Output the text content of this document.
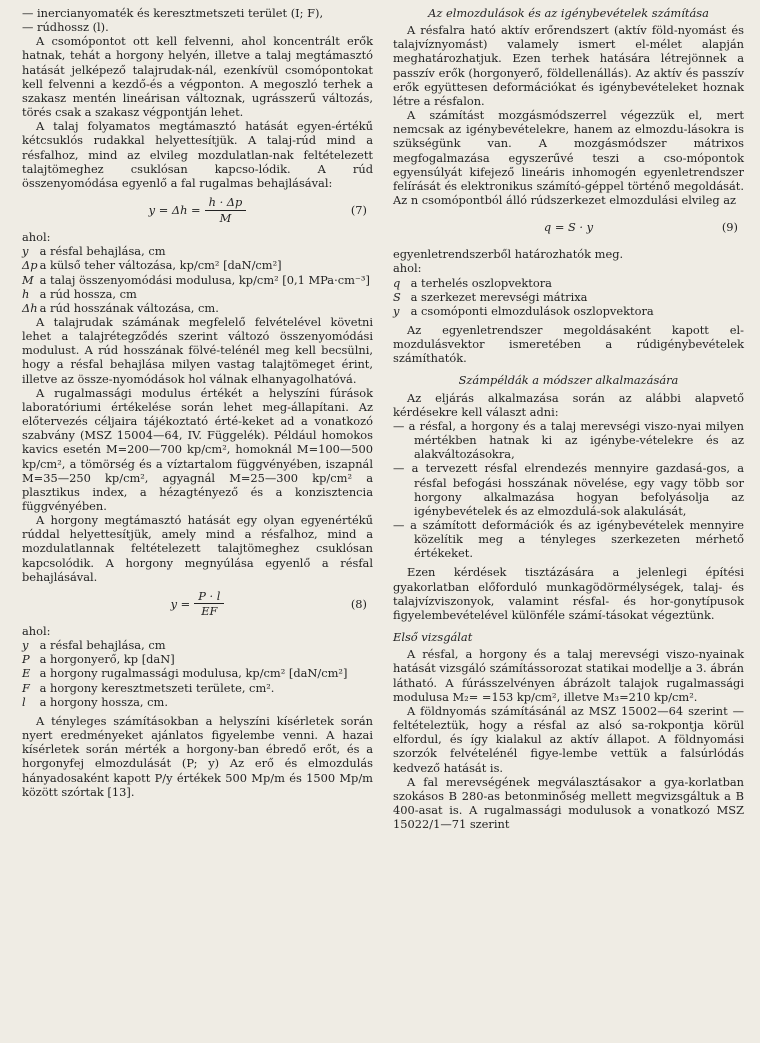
— inercianyomaték és keresztmetszeti terület (I; F),
— rúdhossz (l).

A csomópontot ott kell felvenni, ahol koncentrált erők hatnak, tehát a horgony helyén, illetve a talaj megtámasztó hatását jelképező talajrudak-nál, ezenkívül csomópontokat kell felvenni a kezdő-és a végponton. A megoszló terhek a szakasz mentén lineárisan változnak, ugrásszerű változás, törés csak a szakasz végpontján lehet.

A talaj folyamatos megtámasztó hatását egyen-értékű kétcsuklós rudakkal helyettesítjük. A talaj-rúd mind a résfalhoz, mind az elvileg mozdulatlan-nak feltételezett talajtömeghez csuklósan kapcso-lódik. A rúd összenyomódása egyenlő a fal rugalmas behajlásával:

$y = \Delta h = \frac{h \cdot \Delta p}{M}$	(7)

ahol:

y a résfal behajlása, cm
Δp a külső teher változása, kp/cm² [daN/cm²]
M a talaj összenyomódási modulusa, kp/cm² [0,1 MPa·cm⁻³]
h a rúd hossza, cm
Δh a rúd hosszának változása, cm.

A talajrudak számának megfelelő felvételével követni lehet a talajrétegződés szerint változó összenyomódási modulust. A rúd hosszának fölvé-telénél meg kell becsülni, hogy a résfal behajlása milyen vastag talajtömeget érint, illetve az össze-nyomódások hol válnak elhanyagolhatóvá.

A rugalmassági modulus értékét a helyszíni fúrások laboratóriumi értékelése során lehet meg-állapítani. Az előtervezés céljaira tájékoztató érté-keket ad a vonatkozó szabvány (MSZ 15004—64, IV. Függelék). Például homokos kavics esetén M=200—700 kp/cm², homoknál M=100—500 kp/cm², a tömörség és a víztartalom függvényében, iszapnál M=35—250 kp/cm², agyagnál M=25—300 kp/cm² a plasztikus index, a hézagtényező és a konzisztencia függvényében.

A horgony megtámasztó hatását egy olyan egyenértékű rúddal helyettesítjük, amely mind a résfalhoz, mind a mozdulatlannak feltételezett talajtömeghez csuklósan kapcsolódik. A horgony megnyúlása egyenlő a résfal behajlásával.

$y = \frac{P \cdot l}{EF}$	(8)

ahol:

y a résfal behajlása, cm
P a horgonyerő, kp [daN]
E a horgony rugalmassági modulusa, kp/cm² [daN/cm²]
F a horgony keresztmetszeti területe, cm².
l a horgony hossza, cm.

A tényleges számításokban a helyszíni kísérletek során nyert eredményeket ajánlatos figyelembe venni. A hazai kísérletek során mérték a horgony-ban ébredő erőt, és a horgonyfej elmozdulását (P; y) Az erő és elmozdulás hányadosaként kapott P/y értékek 500 Mp/m és 1500 Mp/m között szórtak [13].

Az elmozdulások és az igénybevételek számítása

A résfalra ható aktív erőrendszert (aktív föld-nyomást és talajvíznyomást) valamely ismert el-mélet alapján meghatározhatjuk. Ezen terhek hatására létrejönnek a passzív erők (horgonyerő, földellenállás). Az aktív és passzív erők együttesen deformációkat és igénybevételeket hoznak létre a résfalon.

A számítást mozgásmódszerrel végezzük el, mert nemcsak az igénybevételekre, hanem az elmozdu-lásokra is szükségünk van. A mozgásmódszer mátrixos megfogalmazása egyszerűvé teszi a cso-mópontok egyensúlyát kifejező lineáris inhomogén egyenletrendszer felírását és elektronikus számító-géppel történő megoldását. Az n csomópontból álló rúdszerkezet elmozdulási elvileg az

q = S · y	(9)

egyenletrendszerből határozhatók meg.

ahol:

q a terhelés oszlopvektora
S a szerkezet merevségi mátrixa
y a csomóponti elmozdulások oszlopvektora

Az egyenletrendszer megoldásaként kapott el-mozdulásvektor ismeretében a rúdigénybevételek számíthatók.

Számpéldák a módszer alkalmazására

Az eljárás alkalmazása során az alábbi alapvető kérdésekre kell választ adni:

— a résfal, a horgony és a talaj merevségi viszo-nyai milyen mértékben hatnak ki az igénybe-vételekre és az alakváltozásokra,

— a tervezett résfal elrendezés mennyire gazdasá-gos, a résfal befogási hosszának növelése, egy vagy több sor horgony alkalmazása hogyan befolyásolja az igénybevételek és az elmozdulá-sok alakulását,

— a számított deformációk és az igénybevételek mennyire közelítik meg a tényleges szerkezeten mérhető értékeket.

Ezen kérdések tisztázására a jelenlegi építési gyakorlatban előforduló munkagödörmélységek, talaj- és talajvízviszonyok, valamint résfal- és hor-gonytípusok figyelembevételével különféle számí-tásokat végeztünk.

Első vizsgálat

A résfal, a horgony és a talaj merevségi viszo-nyainak hatását vizsgáló számítássorozat statikai modellje a 3. ábrán látható. A fúrásszelvényen ábrázolt talajok rugalmassági modulusa M₂= =153 kp/cm², illetve M₃=210 kp/cm².

A földnyomás számításánál az MSZ 15002—64 szerint — feltételeztük, hogy a résfal az alsó sa-rokpontja körül elfordul, és így kialakul az aktív állapot. A földnyomási szorzók felvételénél figye-lembe vettük a falsúrlódás kedvező hatását is.

A fal merevségének megválasztásakor a gya-korlatban szokásos B 280-as betonminőség mellett megvizsgáltuk a B 400-asat is. A rugalmassági modulusok a vonatkozó MSZ 15022/1—71 szerint
